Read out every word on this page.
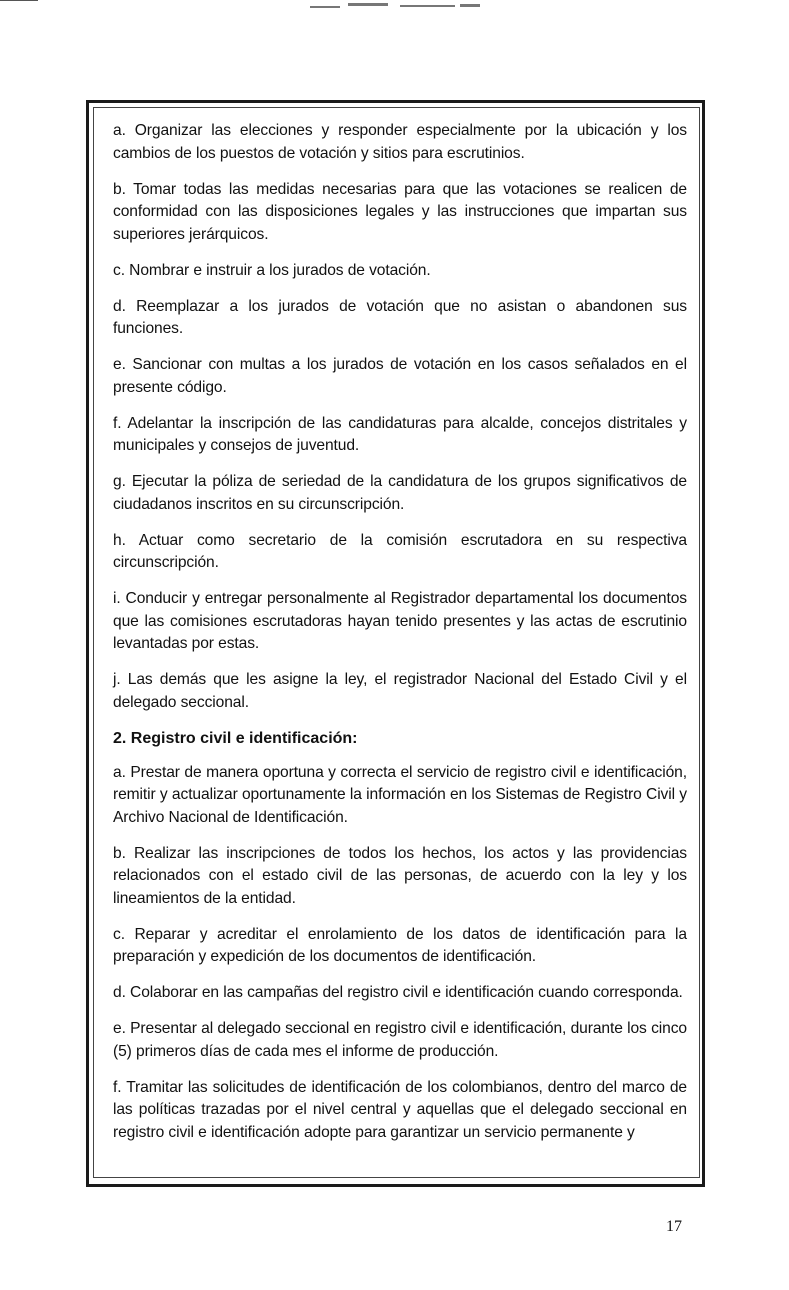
a. Organizar las elecciones y responder especialmente por la ubicación y los cambios de los puestos de votación y sitios para escrutinios.

b. Tomar todas las medidas necesarias para que las votaciones se realicen de conformidad con las disposiciones legales y las instrucciones que impartan sus superiores jerárquicos.

c. Nombrar e instruir a los jurados de votación.

d. Reemplazar a los jurados de votación que no asistan o abandonen sus funciones.

e. Sancionar con multas a los jurados de votación en los casos señalados en el presente código.

f. Adelantar la inscripción de las candidaturas para alcalde, concejos distritales y municipales y consejos de juventud.

g. Ejecutar la póliza de seriedad de la candidatura de los grupos significativos de ciudadanos inscritos en su circunscripción.

h. Actuar como secretario de la comisión escrutadora en su respectiva circunscripción.

i. Conducir y entregar personalmente al Registrador departamental los documentos que las comisiones escrutadoras hayan tenido presentes y las actas de escrutinio levantadas por estas.

j. Las demás que les asigne la ley, el registrador Nacional del Estado Civil y el delegado seccional.

2. Registro civil e identificación:

a. Prestar de manera oportuna y correcta el servicio de registro civil e identificación, remitir y actualizar oportunamente la información en los Sistemas de Registro Civil y Archivo Nacional de Identificación.

b. Realizar las inscripciones de todos los hechos, los actos y las providencias relacionados con el estado civil de las personas, de acuerdo con la ley y los lineamientos de la entidad.

c. Reparar y acreditar el enrolamiento de los datos de identificación para la preparación y expedición de los documentos de identificación.

d. Colaborar en las campañas del registro civil e identificación cuando corresponda.

e. Presentar al delegado seccional en registro civil e identificación, durante los cinco (5) primeros días de cada mes el informe de producción.

f. Tramitar las solicitudes de identificación de los colombianos, dentro del marco de las políticas trazadas por el nivel central y aquellas que el delegado seccional en registro civil e identificación adopte para garantizar un servicio permanente y

17
